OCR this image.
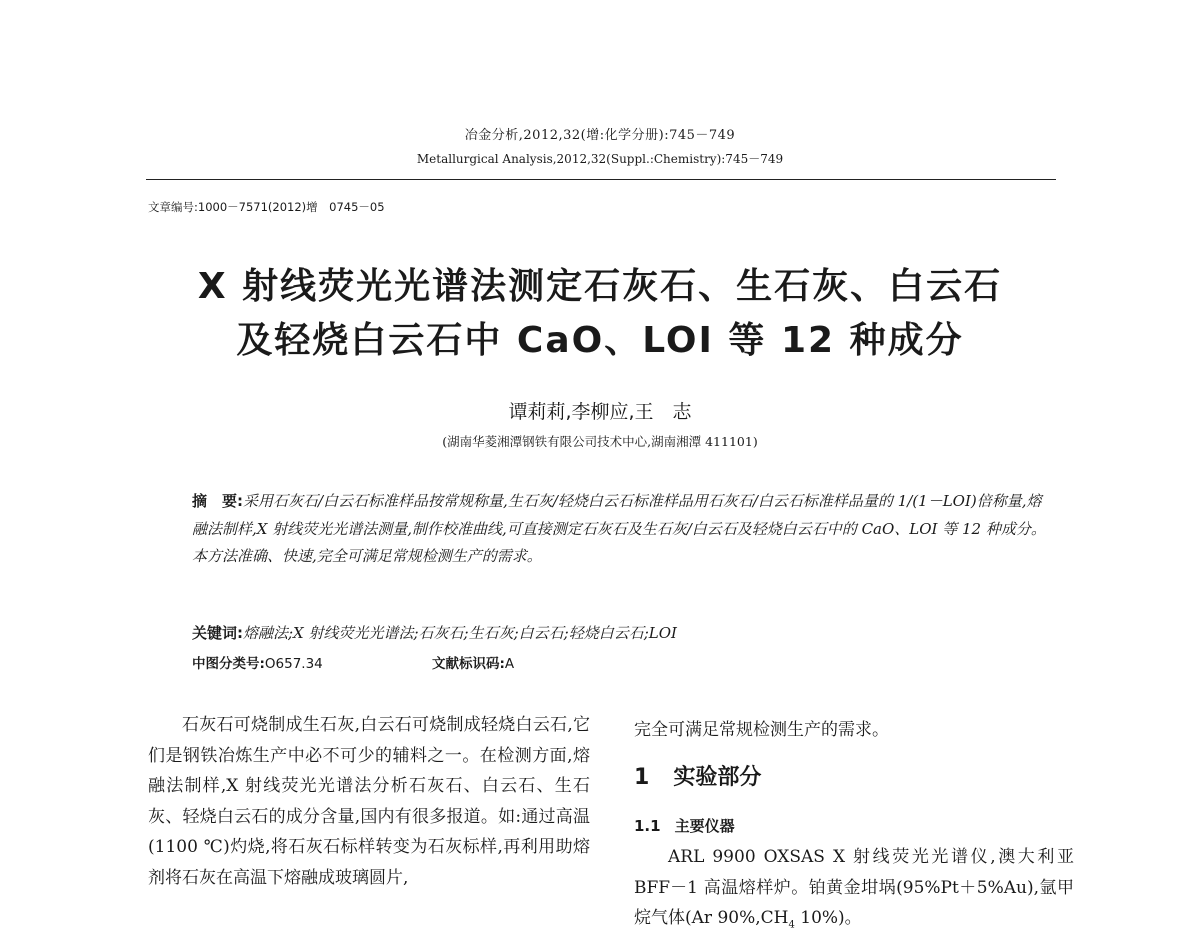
冶金分析,2012,32(增:化学分册):745－749
Metallurgical Analysis,2012,32(Suppl.:Chemistry):745－749
文章编号:1000－7571(2012)增　0745－05
X 射线荧光光谱法测定石灰石、生石灰、白云石
及轻烧白云石中 CaO、LOI 等 12 种成分
谭莉莉,李柳应,王　志
(湖南华菱湘潭钢铁有限公司技术中心,湖南湘潭 411101)
摘　要:采用石灰石/白云石标准样品按常规称量,生石灰/轻烧白云石标准样品用石灰石/白云石标准样品量的 1/(1－LOI)倍称量,熔融法制样,X 射线荧光光谱法测量,制作校准曲线,可直接测定石灰石及生石灰/白云石及轻烧白云石中的 CaO、LOI 等 12 种成分。本方法准确、快速,完全可满足常规检测生产的需求。
关键词:熔融法;X 射线荧光光谱法;石灰石;生石灰;白云石;轻烧白云石;LOI
中图分类号:O657.34	文献标识码:A
石灰石可烧制成生石灰,白云石可烧制成轻烧白云石,它们是钢铁冶炼生产中必不可少的辅料之一。在检测方面,熔融法制样,X 射线荧光光谱法分析石灰石、白云石、生石灰、轻烧白云石的成分含量,国内有很多报道。如:通过高温(1100 ℃)灼烧,将石灰石标样转变为石灰标样,再利用助熔剂将石灰在高温下熔融成玻璃圆片,
完全可满足常规检测生产的需求。
1 实验部分
1.1 主要仪器
ARL 9900 OXSAS X 射线荧光光谱仪,澳大利亚 BFF－1 高温熔样炉。铂黄金坩埚(95%Pt＋5%Au),氩甲烷气体(Ar $90\%,CH_4$ 10%)。
